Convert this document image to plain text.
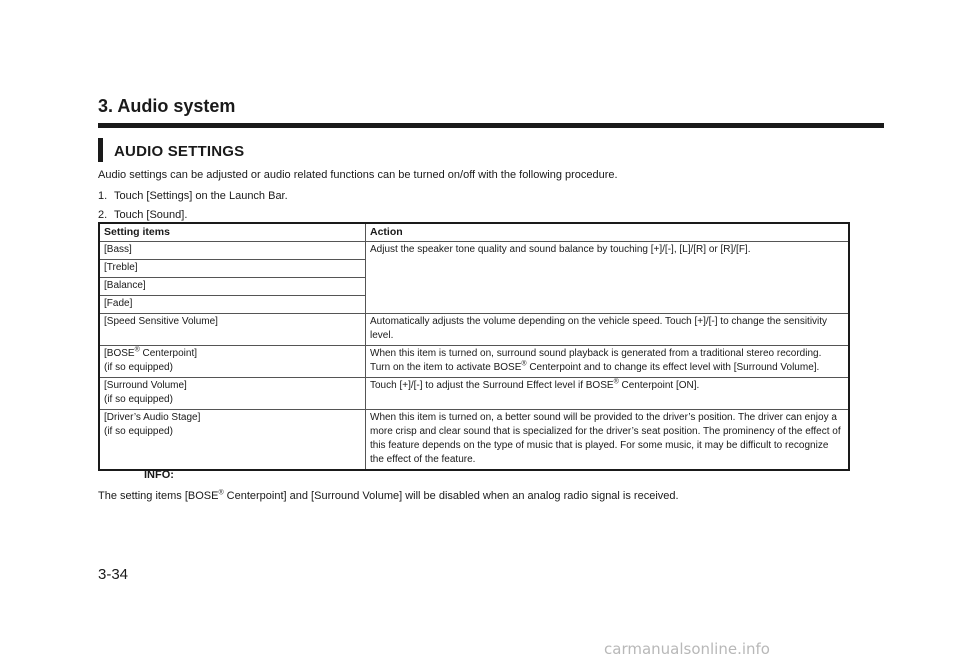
3. Audio system
AUDIO SETTINGS
Audio settings can be adjusted or audio related functions can be turned on/off with the following procedure.
1. Touch [Settings] on the Launch Bar.
2. Touch [Sound].
Setting items	Action
[Bass]	Adjust the speaker tone quality and sound balance by touching [+]/[-], [L]/[R] or [R]/[F].
[Treble]	
[Balance]	
[Fade]	
[Speed Sensitive Volume]	Automatically adjusts the volume depending on the vehicle speed. Touch [+]/[-] to change the sensitivity level.
[BOSE® Centerpoint]
(if so equipped)	When this item is turned on, surround sound playback is generated from a traditional stereo recording. Turn on the item to activate BOSE® Centerpoint and to change its effect level with [Surround Volume].
[Surround Volume]
(if so equipped)	Touch [+]/[-] to adjust the Surround Effect level if BOSE® Centerpoint [ON].
[Driver’s Audio Stage]
(if so equipped)	When this item is turned on, a better sound will be provided to the driver’s position. The driver can enjoy a more crisp and clear sound that is specialized for the driver’s seat position. The prominency of the effect of this feature depends on the type of music that is played. For some music, it may be difficult to recognize the effect of the feature.
INFO:
The setting items [BOSE® Centerpoint] and [Surround Volume] will be disabled when an analog radio signal is received.
3-34
carmanualsonline.info
